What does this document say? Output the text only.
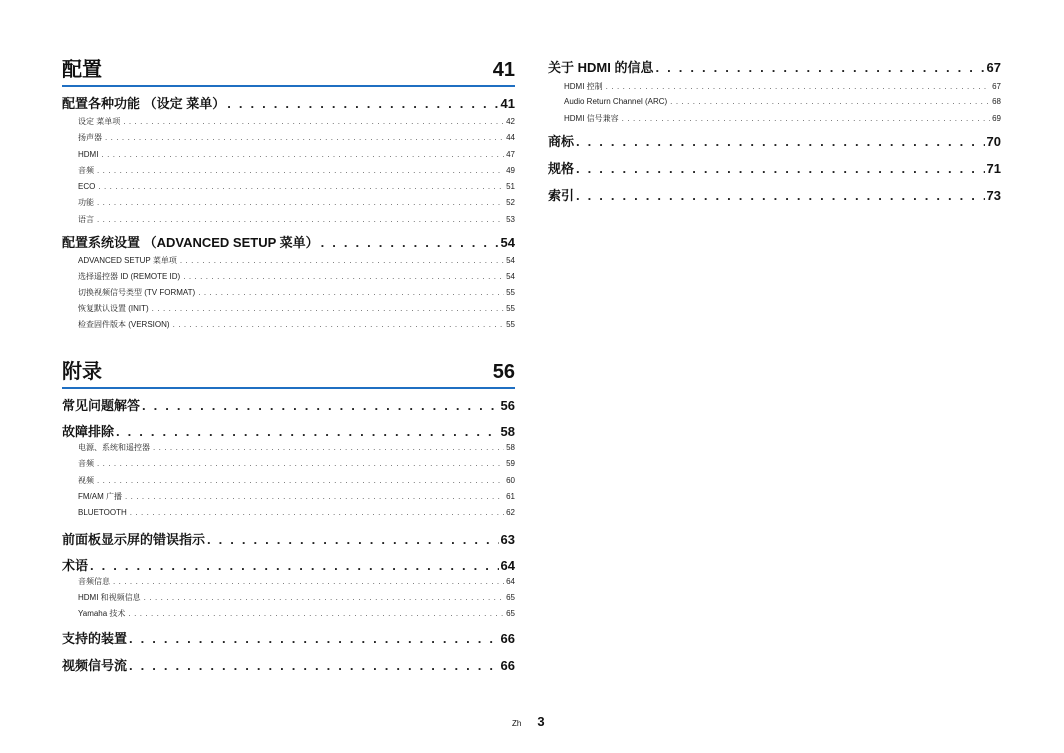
配置	41
配置各种功能 （设定 菜单） . . .	41
设定 菜单项 . . .	42
扬声器 . . .	44
HDMI . . .	47
音频 . . .	49
ECO . . .	51
功能 . . .	52
语言 . . .	53
配置系统设置 （ADVANCED SETUP 菜单） . . .	54
ADVANCED SETUP 菜单项 . . .	54
选择遥控器 ID (REMOTE ID) . . .	54
切换视频信号类型 (TV FORMAT) . . .	55
恢复默认设置 (INIT) . . .	55
检查固件版本 (VERSION) . . .	55
附录	56
常见问题解答 . . .	56
故障排除 . . .	58
电源、系统和遥控器 . . .	58
音频 . . .	59
视频 . . .	60
FM/AM 广播 . . .	61
BLUETOOTH . . .	62
前面板显示屏的错误指示 . . .	63
术语 . . .	64
音频信息 . . .	64
HDMI 和视频信息 . . .	65
Yamaha 技术 . . .	65
支持的装置 . . .	66
视频信号流 . . .	66
关于 HDMI 的信息 . . .	67
HDMI 控制 . . .	67
Audio Return Channel (ARC) . . .	68
HDMI 信号兼容 . . .	69
商标 . . .	70
规格 . . .	71
索引 . . .	73
Zh 3
